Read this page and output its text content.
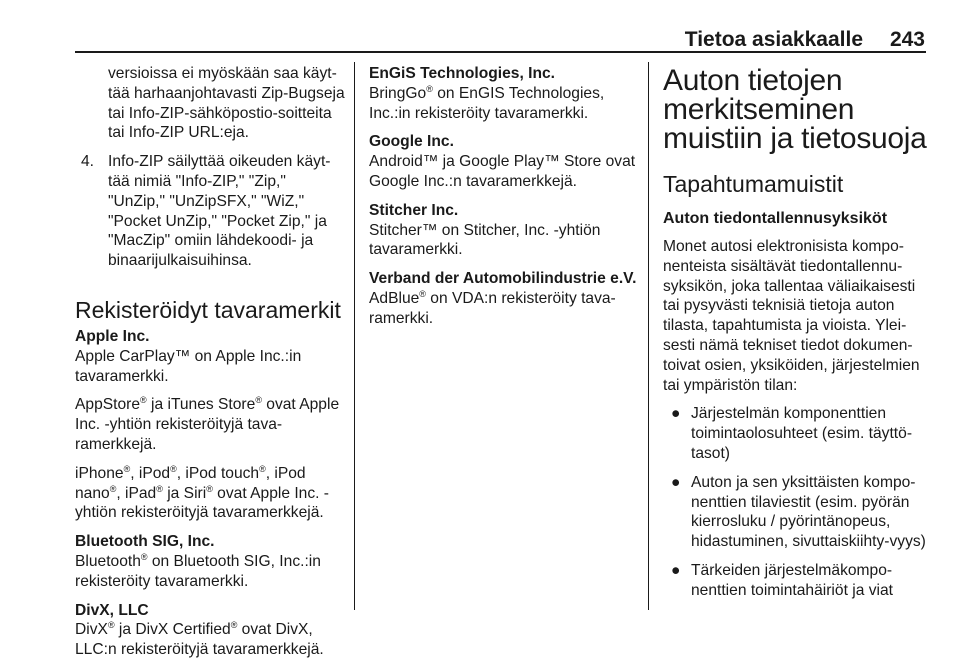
Tietoa asiakkaalle 243

versioissa ei myöskään saa käyt-tää harhaanjohtavasti Zip-Bugseja tai Info-ZIP-sähköpostio-soitteita tai Info-ZIP URL:eja.

4. Info-ZIP säilyttää oikeuden käyt-tää nimiä "Info-ZIP," "Zip," "UnZip," "UnZipSFX," "WiZ," "Pocket UnZip," "Pocket Zip," ja "MacZip" omiin lähdekoodi- ja binaarijulkaisuihinsa.
Rekisteröidyt tavaramerkit
Apple Inc.

Apple CarPlay™ on Apple Inc.:in tavaramerkki.

AppStore® ja iTunes Store® ovat Apple Inc. -yhtiön rekisteröityjä tava-ramerkkejä.

iPhone®, iPod®, iPod touch®, iPod nano®, iPad® ja Siri® ovat Apple Inc. -yhtiön rekisteröityjä tavaramerkkejä.

Bluetooth SIG, Inc.

Bluetooth® on Bluetooth SIG, Inc.:in rekisteröity tavaramerkki.

DivX, LLC

DivX® ja DivX Certified® ovat DivX, LLC:n rekisteröityjä tavaramerkkejä.

EnGiS Technologies, Inc.

BringGo® on EnGIS Technologies, Inc.:in rekisteröity tavaramerkki.

Google Inc.

Android™ ja Google Play™ Store ovat Google Inc.:n tavaramerkkejä.

Stitcher Inc.

Stitcher™ on Stitcher, Inc. -yhtiön tavaramerkki.

Verband der Automobilindustrie e.V.

AdBlue® on VDA:n rekisteröity tava-ramerkki.

Auton tietojen merkitseminen muistiin ja tietosuoja
Tapahtumamuistit
Auton tiedontallennusyksiköt

Monet autosi elektronisista kompo-nenteista sisältävät tiedontallennu-syksikön, joka tallentaa väliaikaisesti tai pysyvästi teknisiä tietoja auton tilasta, tapahtumista ja vioista. Ylei-sesti nämä tekniset tiedot dokumen-toivat osien, yksiköiden, järjestelmien tai ympäristön tilan:

● Järjestelmän komponenttien toimintaolosuhteet (esim. täyttö-tasot)
● Auton ja sen yksittäisten kompo-nenttien tilaviestit (esim. pyörän kierrosluku / pyörintänopeus, hidastuminen, sivuttaiskiihty-vyys)
● Tärkeiden järjestelmäkompo-nenttien toimintahäiriöt ja viat
